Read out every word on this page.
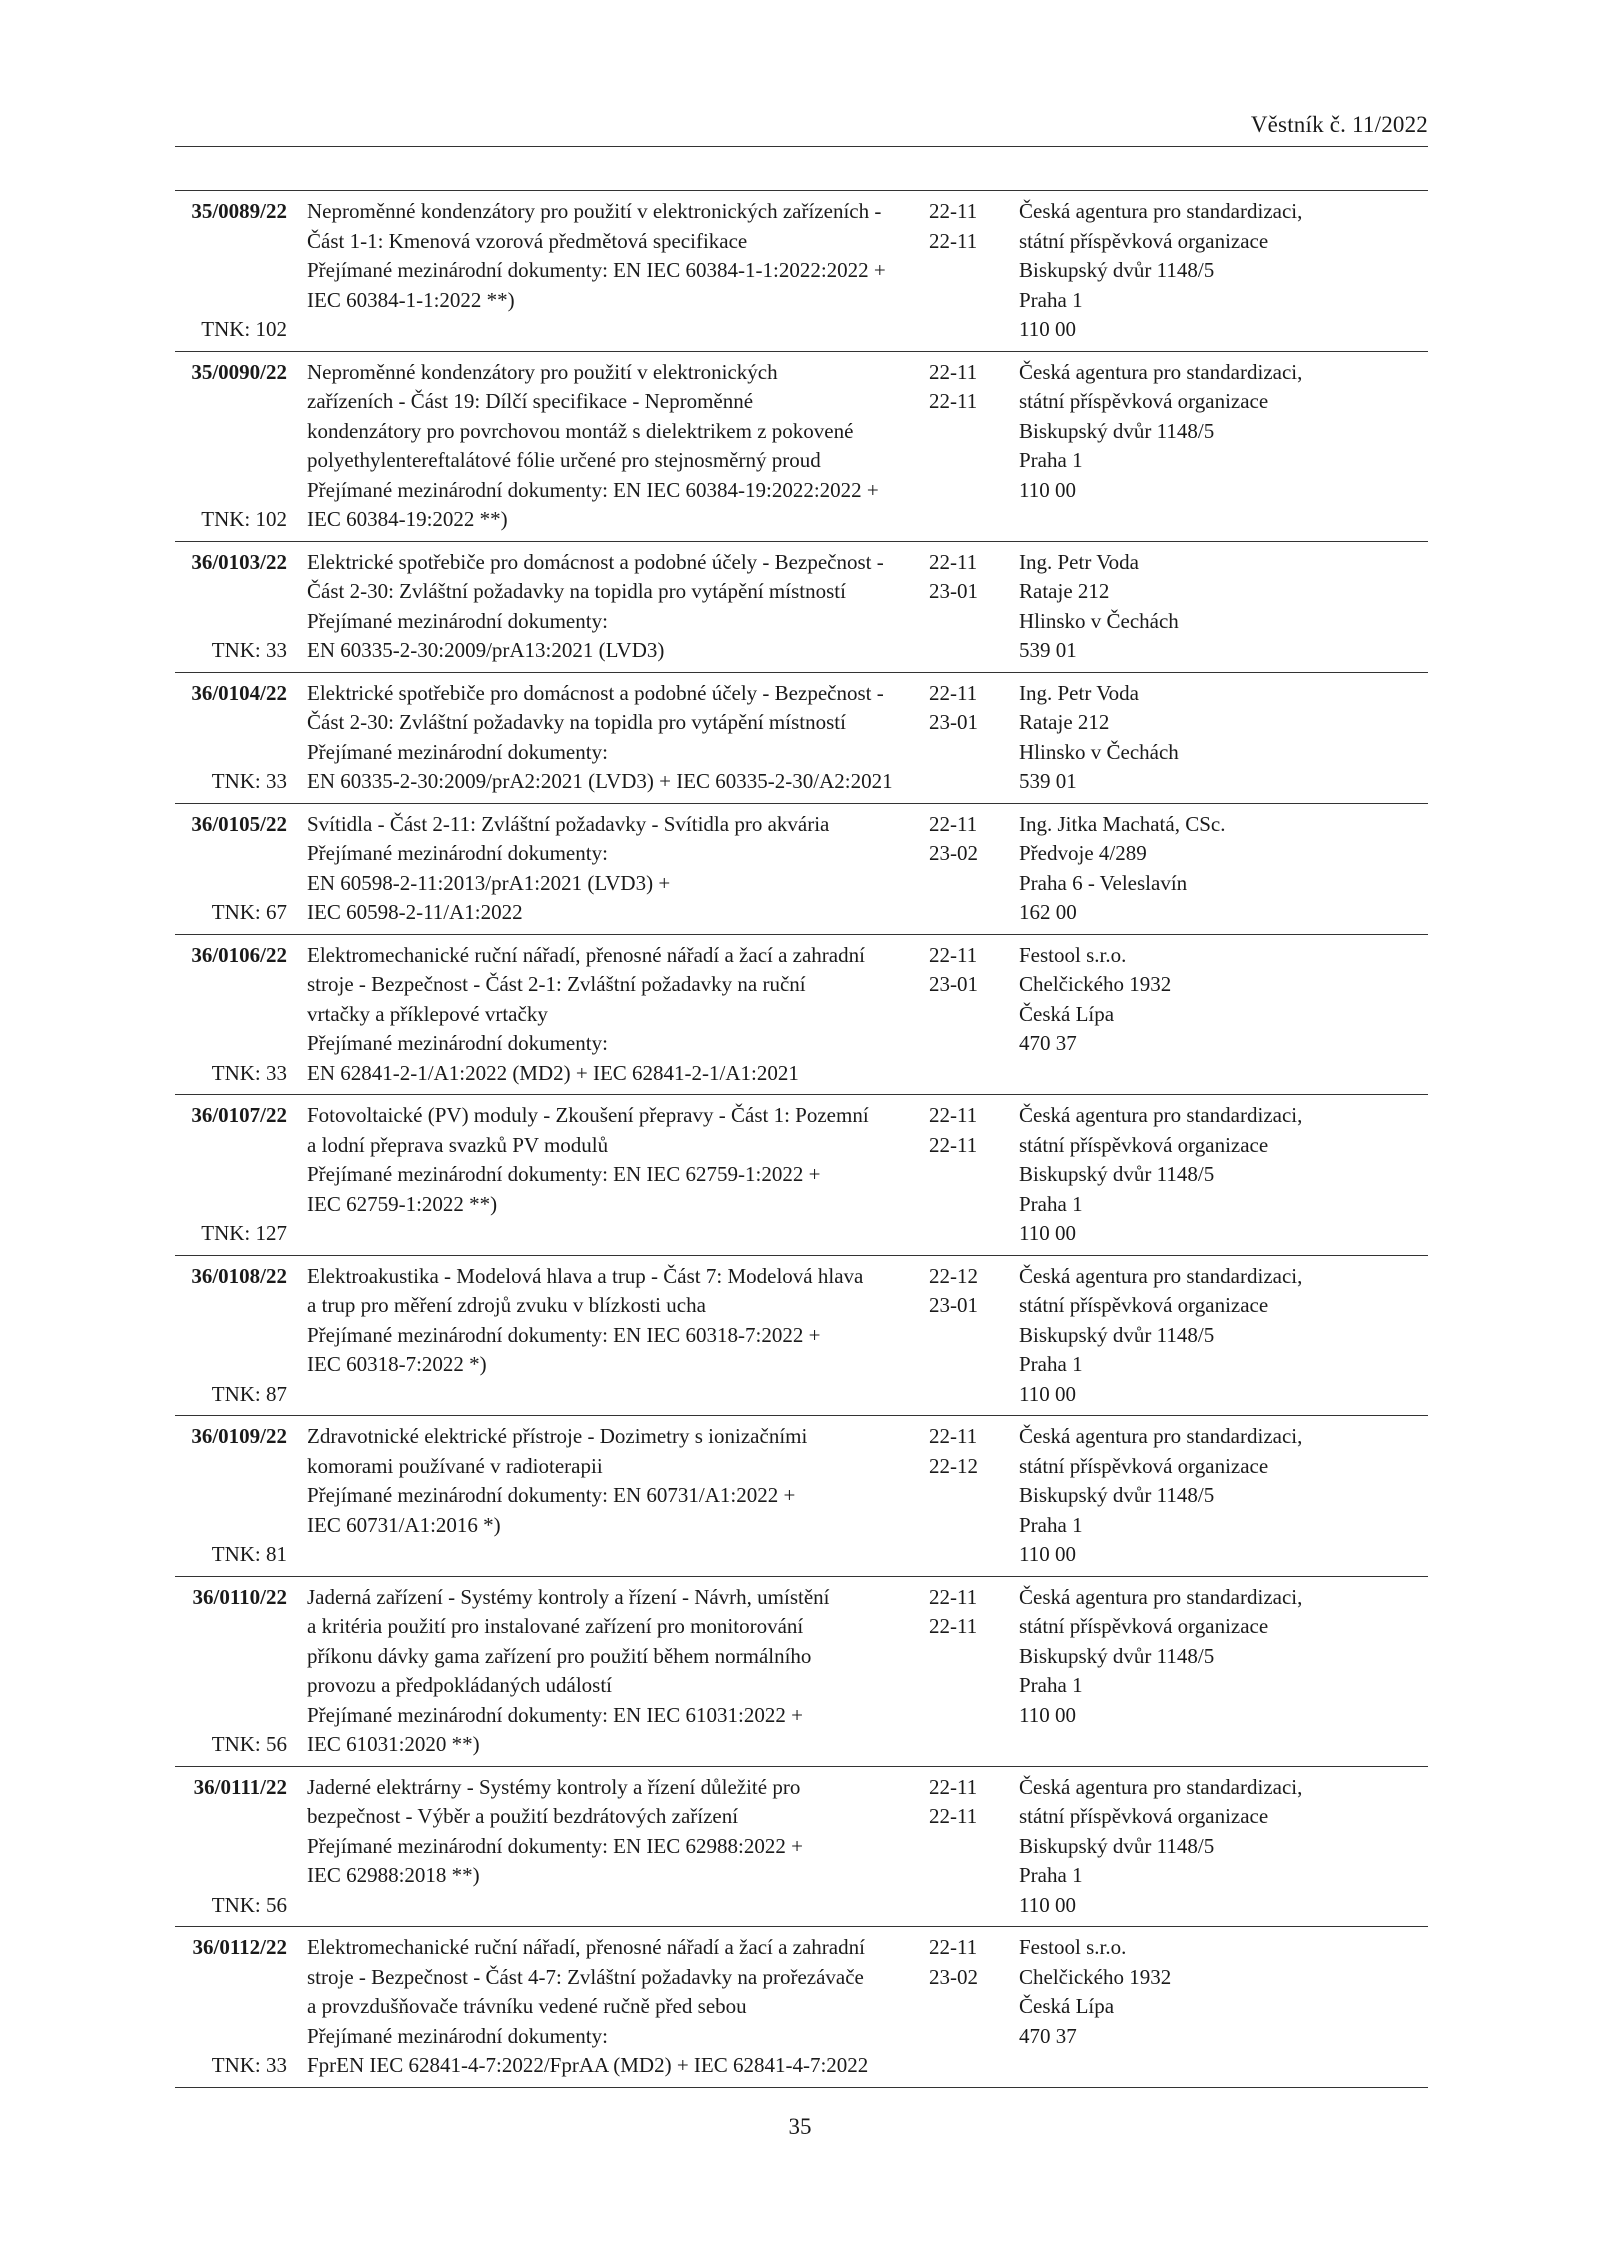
Věstník č. 11/2022
35/0089/22
TNK: 102
Neproměnné kondenzátory pro použití v elektronických zařízeních -
Část 1-1: Kmenová vzorová předmětová specifikace
Přejímané mezinárodní dokumenty: EN IEC 60384-1-1:2022:2022 +
IEC 60384-1-1:2022 **)
22-11
22-11
Česká agentura pro standardizaci,
státní příspěvková organizace
Biskupský dvůr 1148/5
Praha 1
110 00
35/0090/22
TNK: 102
Neproměnné kondenzátory pro použití v elektronických
zařízeních - Část 19: Dílčí specifikace - Neproměnné
kondenzátory pro povrchovou montáž s dielektrikem z pokovené
polyethylentereftalátové fólie určené pro stejnosměrný proud
Přejímané mezinárodní dokumenty: EN IEC 60384-19:2022:2022 +
IEC 60384-19:2022 **)
22-11
22-11
Česká agentura pro standardizaci,
státní příspěvková organizace
Biskupský dvůr 1148/5
Praha 1
110 00
36/0103/22
TNK: 33
Elektrické spotřebiče pro domácnost a podobné účely - Bezpečnost -
Část 2-30: Zvláštní požadavky na topidla pro vytápění místností
Přejímané mezinárodní dokumenty:
EN 60335-2-30:2009/prA13:2021 (LVD3)
22-11
23-01
Ing. Petr Voda
Rataje 212
Hlinsko v Čechách
539 01
36/0104/22
TNK: 33
Elektrické spotřebiče pro domácnost a podobné účely - Bezpečnost -
Část 2-30: Zvláštní požadavky na topidla pro vytápění místností
Přejímané mezinárodní dokumenty:
EN 60335-2-30:2009/prA2:2021 (LVD3) + IEC 60335-2-30/A2:2021
22-11
23-01
Ing. Petr Voda
Rataje 212
Hlinsko v Čechách
539 01
36/0105/22
TNK: 67
Svítidla - Část 2-11: Zvláštní požadavky - Svítidla pro akvária
Přejímané mezinárodní dokumenty:
EN 60598-2-11:2013/prA1:2021 (LVD3) +
IEC 60598-2-11/A1:2022
22-11
23-02
Ing. Jitka Machatá, CSc.
Předvoje 4/289
Praha 6 - Veleslavín
162 00
36/0106/22
TNK: 33
Elektromechanické ruční nářadí, přenosné nářadí a žací a zahradní
stroje - Bezpečnost - Část 2-1: Zvláštní požadavky na ruční
vrtačky a příklepové vrtačky
Přejímané mezinárodní dokumenty:
EN 62841-2-1/A1:2022 (MD2) + IEC 62841-2-1/A1:2021
22-11
23-01
Festool s.r.o.
Chelčického 1932
Česká Lípa
470 37
36/0107/22
TNK: 127
Fotovoltaické (PV) moduly - Zkoušení přepravy - Část 1: Pozemní
a lodní přeprava svazků PV modulů
Přejímané mezinárodní dokumenty: EN IEC 62759-1:2022 +
IEC 62759-1:2022 **)
22-11
22-11
Česká agentura pro standardizaci,
státní příspěvková organizace
Biskupský dvůr 1148/5
Praha 1
110 00
36/0108/22
TNK: 87
Elektroakustika - Modelová hlava a trup - Část 7: Modelová hlava
a trup pro měření zdrojů zvuku v blízkosti ucha
Přejímané mezinárodní dokumenty: EN IEC 60318-7:2022 +
IEC 60318-7:2022 *)
22-12
23-01
Česká agentura pro standardizaci,
státní příspěvková organizace
Biskupský dvůr 1148/5
Praha 1
110 00
36/0109/22
TNK: 81
Zdravotnické elektrické přístroje - Dozimetry s ionizačními
komorami používané v radioterapii
Přejímané mezinárodní dokumenty: EN 60731/A1:2022 +
IEC 60731/A1:2016 *)
22-11
22-12
Česká agentura pro standardizaci,
státní příspěvková organizace
Biskupský dvůr 1148/5
Praha 1
110 00
36/0110/22
TNK: 56
Jaderná zařízení - Systémy kontroly a řízení - Návrh, umístění
a kritéria použití pro instalované zařízení pro monitorování
příkonu dávky gama zařízení pro použití během normálního
provozu a předpokládaných událostí
Přejímané mezinárodní dokumenty: EN IEC 61031:2022 +
IEC 61031:2020 **)
22-11
22-11
Česká agentura pro standardizaci,
státní příspěvková organizace
Biskupský dvůr 1148/5
Praha 1
110 00
36/0111/22
TNK: 56
Jaderné elektrárny - Systémy kontroly a řízení důležité pro
bezpečnost - Výběr a použití bezdrátových zařízení
Přejímané mezinárodní dokumenty: EN IEC 62988:2022 +
IEC 62988:2018 **)
22-11
22-11
Česká agentura pro standardizaci,
státní příspěvková organizace
Biskupský dvůr 1148/5
Praha 1
110 00
36/0112/22
TNK: 33
Elektromechanické ruční nářadí, přenosné nářadí a žací a zahradní
stroje - Bezpečnost - Část 4-7: Zvláštní požadavky na prořezávače
a provzdušňovače trávníku vedené ručně před sebou
Přejímané mezinárodní dokumenty:
FprEN IEC 62841-4-7:2022/FprAA (MD2) + IEC 62841-4-7:2022
22-11
23-02
Festool s.r.o.
Chelčického 1932
Česká Lípa
470 37
35
